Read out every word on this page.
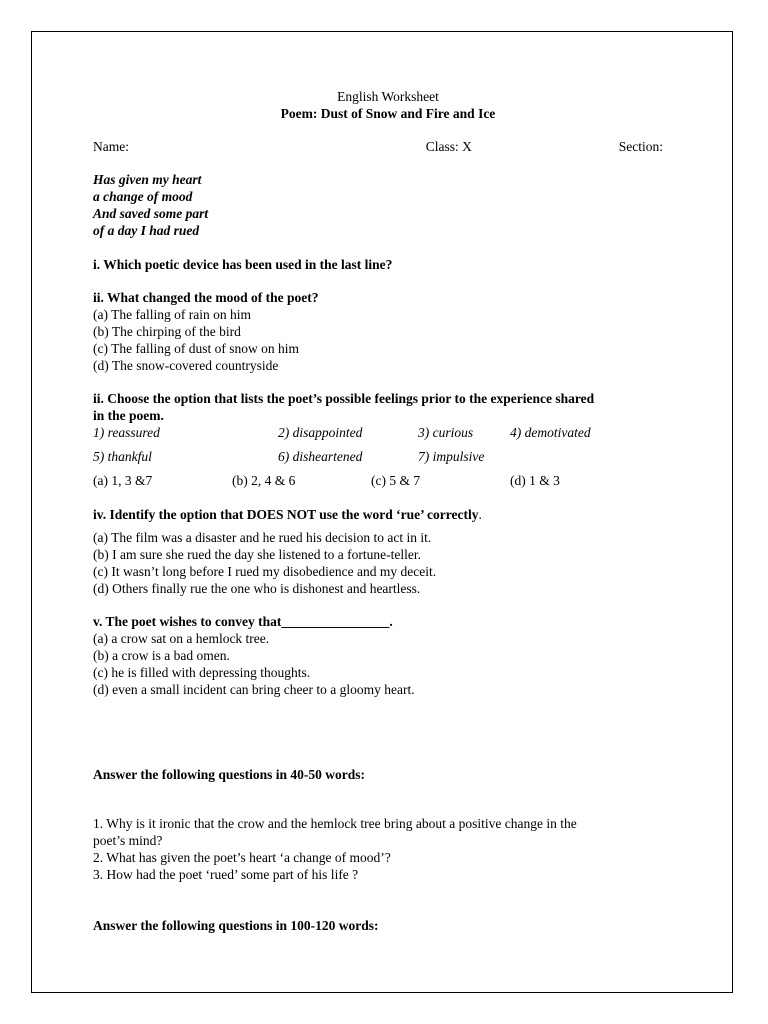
English Worksheet
Poem: Dust of Snow and Fire and Ice
Name:	Class: X	Section:
Has given my heart
a change of mood
And saved some part
of a day I had rued
i. Which poetic device has been used in the last line?
ii. What changed the mood of the poet?
(a) The falling of rain on him
(b) The chirping of the bird
(c) The falling of dust of snow on him
(d) The snow-covered countryside
ii. Choose the option that lists the poet’s possible feelings prior to the experience shared
in the poem.
1) reassured	2) disappointed	3) curious	4) demotivated
5) thankful	6) disheartened	7) impulsive
(a) 1, 3 &7	(b) 2, 4 & 6	(c) 5 & 7	(d) 1 & 3
iv. Identify the option that DOES NOT use the word ‘rue’ correctly.
(a) The film was a disaster and he rued his decision to act in it.
(b) I am sure she rued the day she listened to a fortune-teller.
(c) It wasn’t long before I rued my disobedience and my deceit.
(d) Others finally rue the one who is dishonest and heartless.
v. The poet wishes to convey that________________.
(a) a crow sat on a hemlock tree.
(b) a crow is a bad omen.
(c) he is filled with depressing thoughts.
(d) even a small incident can bring cheer to a gloomy heart.
Answer the following questions in 40-50 words:
1. Why is it ironic that the crow and the hemlock tree bring about a positive change in the
poet’s mind?
2. What has given the poet’s heart ‘a change of mood’?
3. How had the poet ‘rued’ some part of his life ?
Answer the following questions in 100-120 words:
